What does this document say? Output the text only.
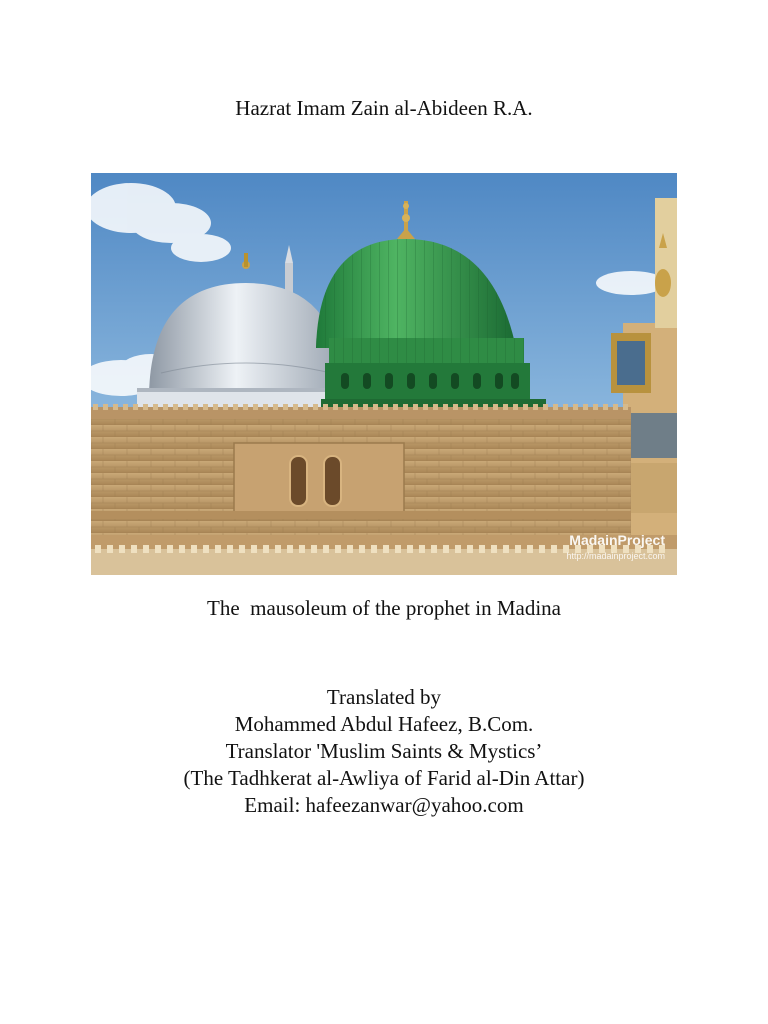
Hazrat Imam Zain al-Abideen R.A.
MadainProject
http://madainproject.com
The  mausoleum of the prophet in Madina
Translated by
Mohammed Abdul Hafeez, B.Com.
Translator 'Muslim Saints & Mystics’
(The Tadhkerat al-Awliya of Farid al-Din Attar)
Email: hafeezanwar@yahoo.com
